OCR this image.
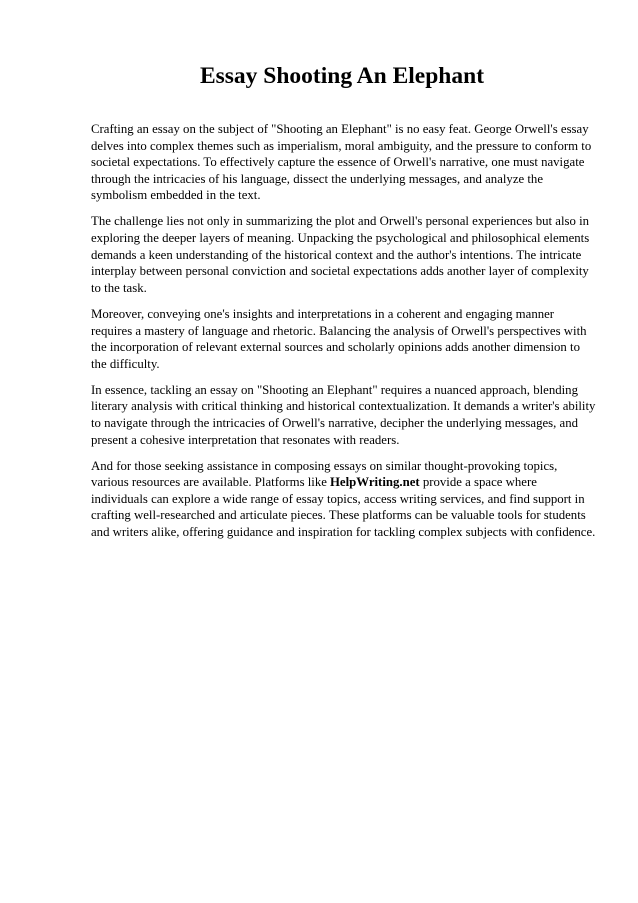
Essay Shooting An Elephant

Crafting an essay on the subject of "Shooting an Elephant" is no easy feat. George Orwell's essay delves into complex themes such as imperialism, moral ambiguity, and the pressure to conform to societal expectations. To effectively capture the essence of Orwell's narrative, one must navigate through the intricacies of his language, dissect the underlying messages, and analyze the symbolism embedded in the text.

The challenge lies not only in summarizing the plot and Orwell's personal experiences but also in exploring the deeper layers of meaning. Unpacking the psychological and philosophical elements demands a keen understanding of the historical context and the author's intentions. The intricate interplay between personal conviction and societal expectations adds another layer of complexity to the task.

Moreover, conveying one's insights and interpretations in a coherent and engaging manner requires a mastery of language and rhetoric. Balancing the analysis of Orwell's perspectives with the incorporation of relevant external sources and scholarly opinions adds another dimension to the difficulty.

In essence, tackling an essay on "Shooting an Elephant" requires a nuanced approach, blending literary analysis with critical thinking and historical contextualization. It demands a writer's ability to navigate through the intricacies of Orwell's narrative, decipher the underlying messages, and present a cohesive interpretation that resonates with readers.

And for those seeking assistance in composing essays on similar thought-provoking topics, various resources are available. Platforms like HelpWriting.net provide a space where individuals can explore a wide range of essay topics, access writing services, and find support in crafting well-researched and articulate pieces. These platforms can be valuable tools for students and writers alike, offering guidance and inspiration for tackling complex subjects with confidence.
